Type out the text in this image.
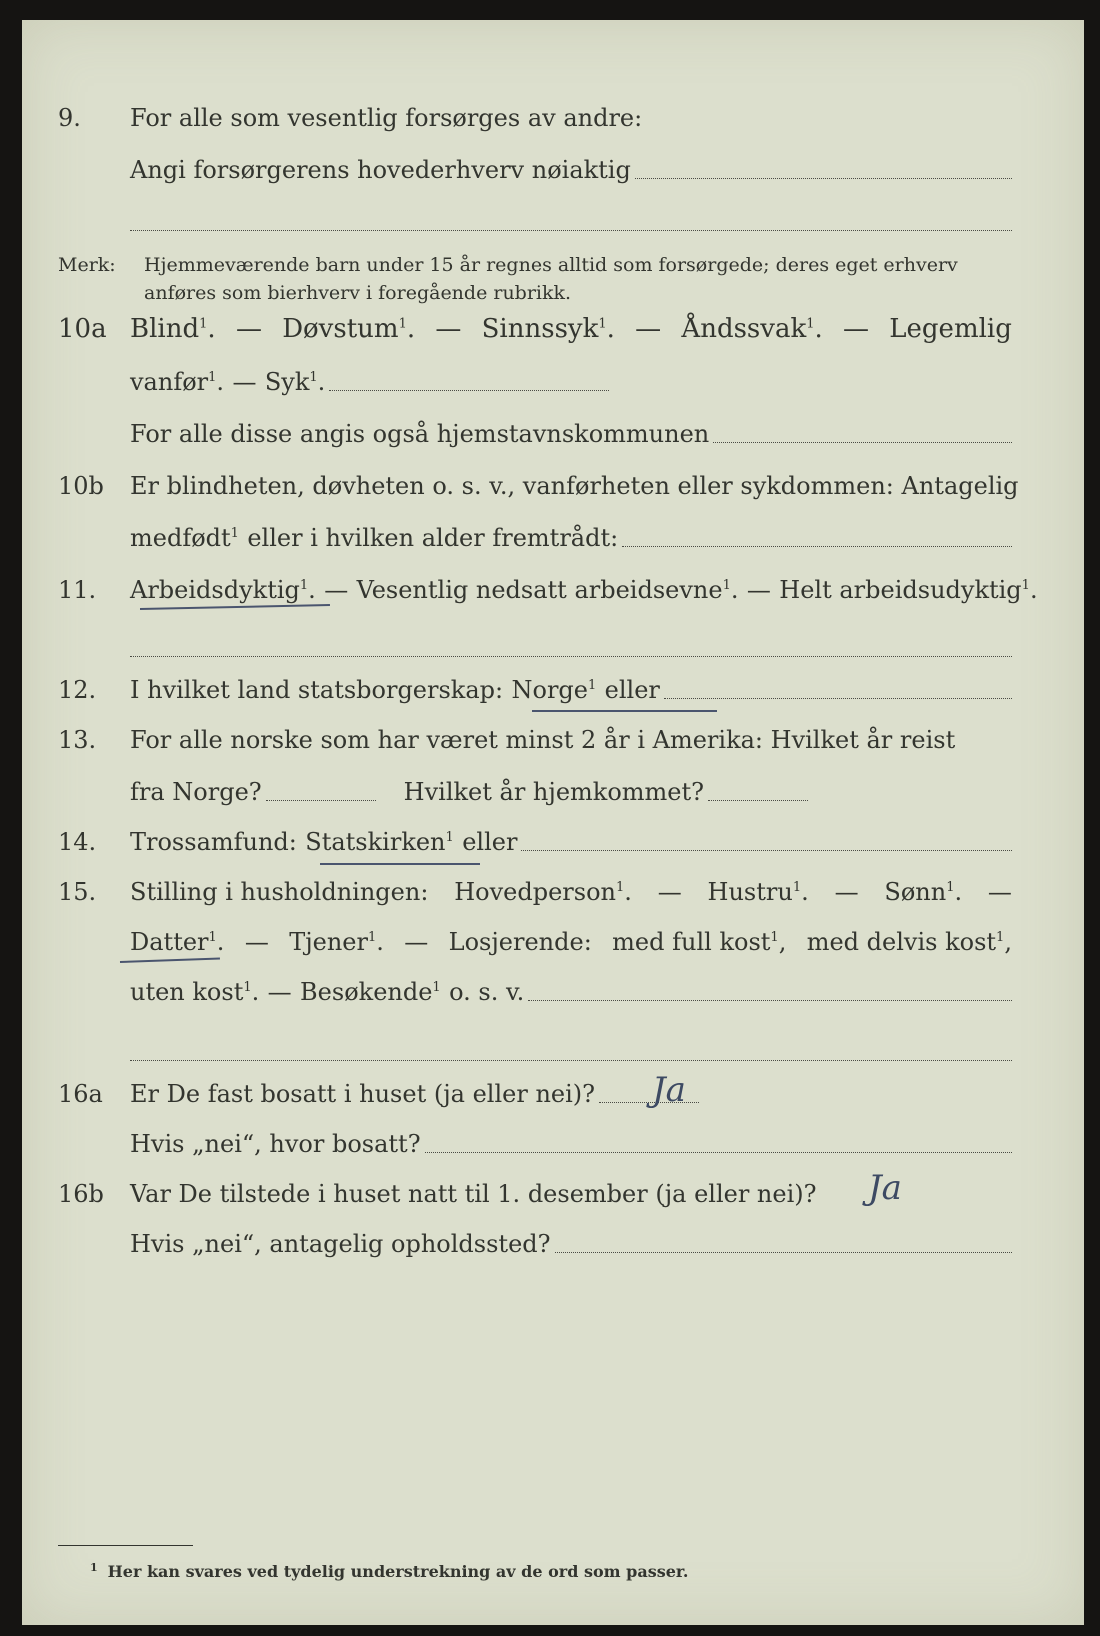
9.	For alle som vesentlig forsørges av andre:
Angi forsørgerens hovederhverv nøiaktig
Merk: Hjemmeværende barn under 15 år regnes alltid som forsørgede; deres eget erhverv
anføres som bierhverv i foregående rubrikk.
10a Blind$^1$. — Døvstum$^1$. — Sinnssyk$^1$. — Åndssvak$^1$. — Legemlig
vanfør$^1$. — Syk$^1$.
For alle disse angis også hjemstavnskommunen
10b	Er blindheten, døvheten o. s. v., vanførheten eller sykdommen: Antagelig
medfødt$^1$ eller i hvilken alder fremtrådt:
11.	Arbeidsdyktig$^1$. — Vesentlig nedsatt arbeidsevne$^1$. — Helt arbeidsudyktig$^1$.
12.	I hvilket land statsborgerskap: Norge$^1$ eller
13.	For alle norske som har været minst 2 år i Amerika: Hvilket år reist
fra Norge?	Hvilket år hjemkommet?
14.	Trossamfund: Statskirken$^1$ eller
15.	Stilling i husholdningen: Hovedperson$^1$. — Hustru$^1$. — Sønn$^1$. —
Datter$^1$. — Tjener$^1$. — Losjerende: med full kost$^1$, med delvis kost$^1$,
uten kost$^1$. — Besøkende$^1$ o. s. v.
16a	Er De fast bosatt i huset (ja eller nei)? Ja
Hvis „nei“, hvor bosatt?
16b	Var De tilstede i huset natt til 1. desember (ja eller nei)? Ja
Hvis „nei“, antagelig opholdssted?
$^1$ Her kan svares ved tydelig understrekning av de ord som passer.
